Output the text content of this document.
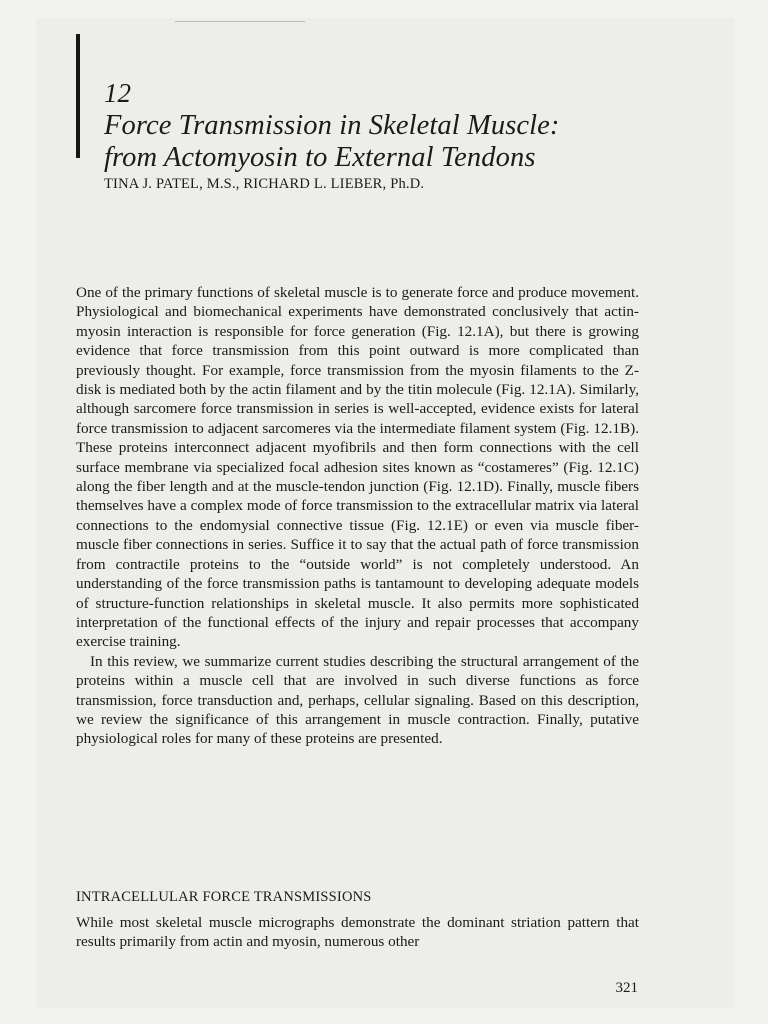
12
Force Transmission in Skeletal Muscle:
from Actomyosin to External Tendons
TINA J. PATEL, M.S., RICHARD L. LIEBER, Ph.D.

One of the primary functions of skeletal muscle is to generate force and produce movement. Physiological and biomechanical experiments have demonstrated conclusively that actin-myosin interaction is responsible for force generation (Fig. 12.1A), but there is growing evidence that force transmission from this point outward is more complicated than previously thought. For example, force transmission from the myosin filaments to the Z-disk is mediated both by the actin filament and by the titin molecule (Fig. 12.1A). Similarly, although sarcomere force transmission in series is well-accepted, evidence exists for lateral force transmission to adjacent sarcomeres via the intermediate filament system (Fig. 12.1B). These proteins interconnect adjacent myofibrils and then form connections with the cell surface membrane via specialized focal adhesion sites known as “costameres” (Fig. 12.1C) along the fiber length and at the muscle-tendon junction (Fig. 12.1D). Finally, muscle fibers themselves have a complex mode of force transmission to the extracellular matrix via lateral connections to the endomysial connective tissue (Fig. 12.1E) or even via muscle fiber-muscle fiber connections in series. Suffice it to say that the actual path of force transmission from contractile proteins to the “outside world” is not completely understood. An understanding of the force transmission paths is tantamount to developing adequate models of structure-function relationships in skeletal muscle. It also permits more sophisticated interpretation of the functional effects of the injury and repair processes that accompany exercise training.

In this review, we summarize current studies describing the structural arrangement of the proteins within a muscle cell that are involved in such diverse functions as force transmission, force transduction and, perhaps, cellular signaling. Based on this description, we review the significance of this arrangement in muscle contraction. Finally, putative physiological roles for many of these proteins are presented.

INTRACELLULAR FORCE TRANSMISSIONS

While most skeletal muscle micrographs demonstrate the dominant striation pattern that results primarily from actin and myosin, numerous other

321
